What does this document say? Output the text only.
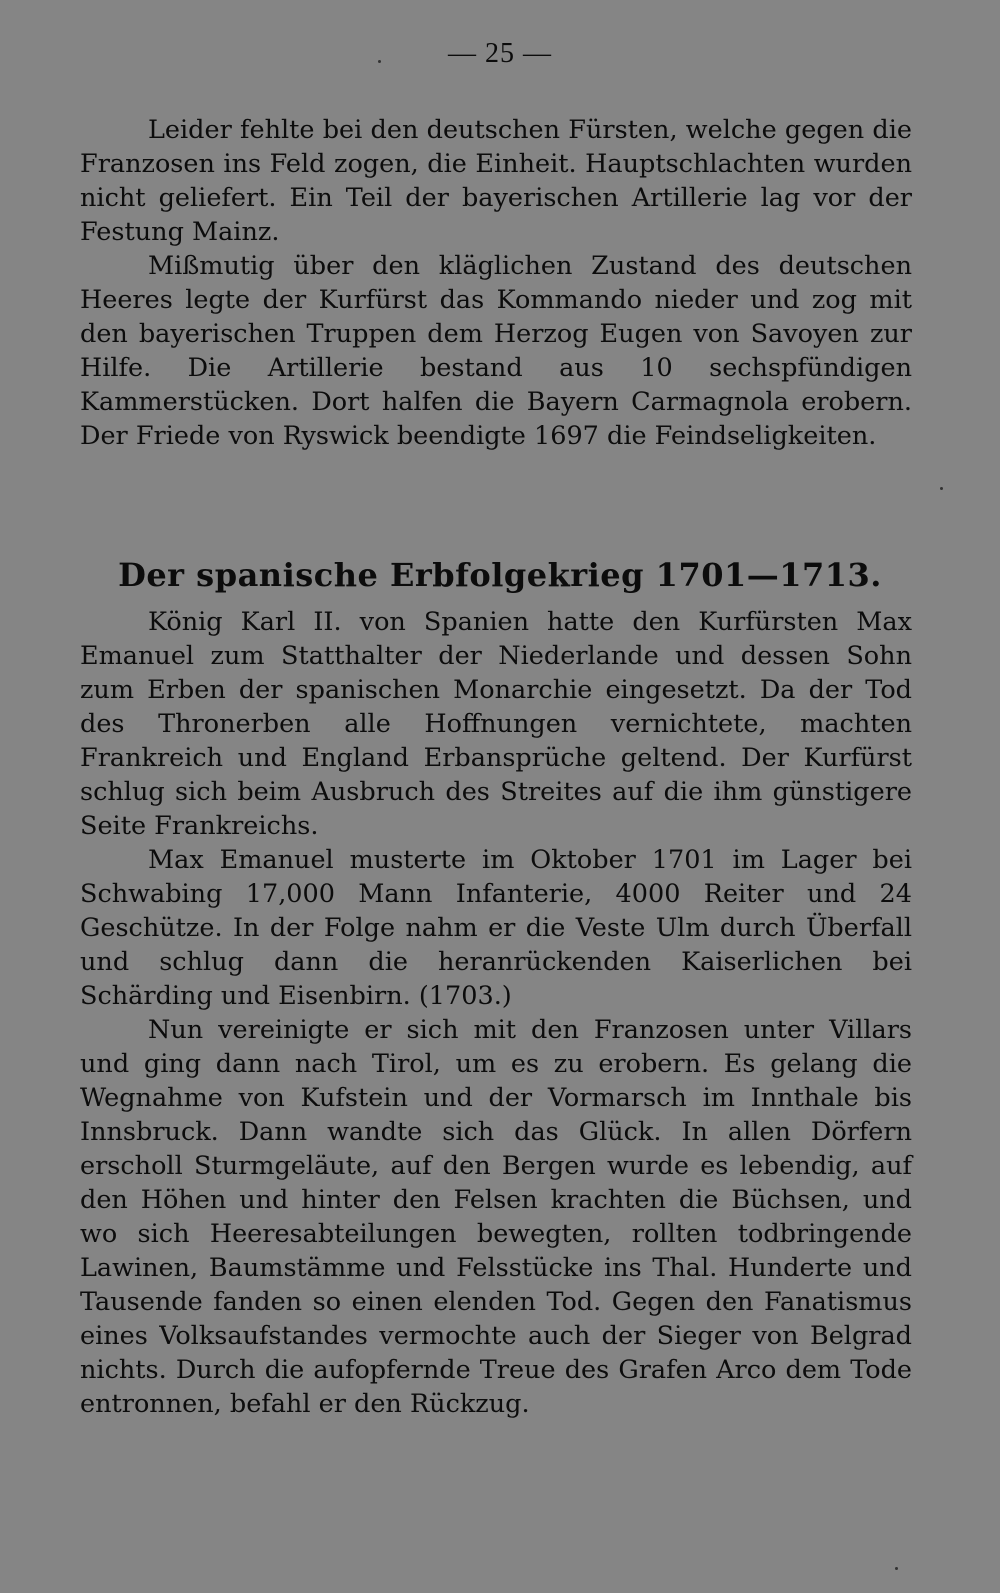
— 25 —

Leider fehlte bei den deutschen Fürsten, welche gegen die Franzosen ins Feld zogen, die Einheit. Hauptschlachten wurden nicht geliefert. Ein Teil der bayerischen Artillerie lag vor der Festung Mainz.

Mißmutig über den kläglichen Zustand des deutschen Heeres legte der Kurfürst das Kommando nieder und zog mit den bayerischen Truppen dem Herzog Eugen von Savoyen zur Hilfe. Die Artillerie bestand aus 10 sechspfündigen Kammerstücken. Dort halfen die Bayern Carmagnola erobern. Der Friede von Ryswick beendigte 1697 die Feindseligkeiten.

Der spanische Erbfolgekrieg 1701—1713.

König Karl II. von Spanien hatte den Kurfürsten Max Emanuel zum Statthalter der Niederlande und dessen Sohn zum Erben der spanischen Monarchie eingesetzt. Da der Tod des Thronerben alle Hoffnungen vernichtete, machten Frankreich und England Erbansprüche geltend. Der Kurfürst schlug sich beim Ausbruch des Streites auf die ihm günstigere Seite Frankreichs.

Max Emanuel musterte im Oktober 1701 im Lager bei Schwabing 17,000 Mann Infanterie, 4000 Reiter und 24 Geschütze. In der Folge nahm er die Veste Ulm durch Überfall und schlug dann die heranrückenden Kaiserlichen bei Schärding und Eisenbirn. (1703.)

Nun vereinigte er sich mit den Franzosen unter Villars und ging dann nach Tirol, um es zu erobern. Es gelang die Wegnahme von Kufstein und der Vormarsch im Innthale bis Innsbruck. Dann wandte sich das Glück. In allen Dörfern erscholl Sturmgeläute, auf den Bergen wurde es lebendig, auf den Höhen und hinter den Felsen krachten die Büchsen, und wo sich Heeresabteilungen bewegten, rollten todbringende Lawinen, Baumstämme und Felsstücke ins Thal. Hunderte und Tausende fanden so einen elenden Tod. Gegen den Fanatismus eines Volksaufstandes vermochte auch der Sieger von Belgrad nichts. Durch die aufopfernde Treue des Grafen Arco dem Tode entronnen, befahl er den Rückzug.
